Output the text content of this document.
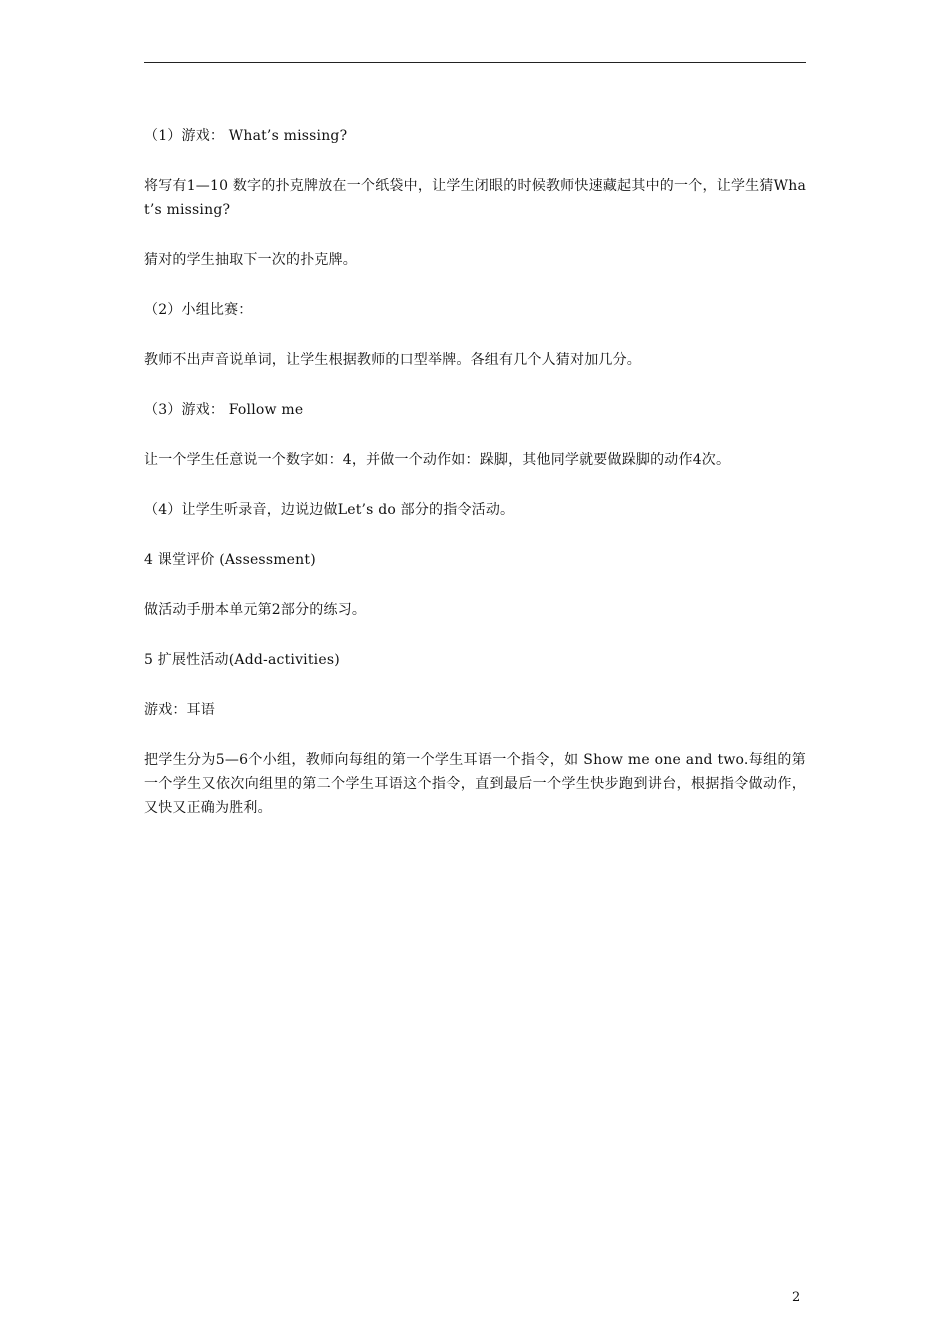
（1）游戏： What’s missing?

将写有1—10 数字的扑克牌放在一个纸袋中，让学生闭眼的时候教师快速藏起其中的一个，让学生猜What’s missing?

猜对的学生抽取下一次的扑克牌。

（2）小组比赛：

教师不出声音说单词，让学生根据教师的口型举牌。各组有几个人猜对加几分。

（3）游戏： Follow me

让一个学生任意说一个数字如：4，并做一个动作如：跺脚，其他同学就要做跺脚的动作4次。

（4）让学生听录音，边说边做Let’s do 部分的指令活动。

4 课堂评价 (Assessment)

做活动手册本单元第2部分的练习。

5 扩展性活动(Add-activities)

游戏：耳语

把学生分为5—6个小组，教师向每组的第一个学生耳语一个指令，如 Show me one and two.每组的第一个学生又依次向组里的第二个学生耳语这个指令，直到最后一个学生快步跑到讲台，根据指令做动作，又快又正确为胜利。

2
